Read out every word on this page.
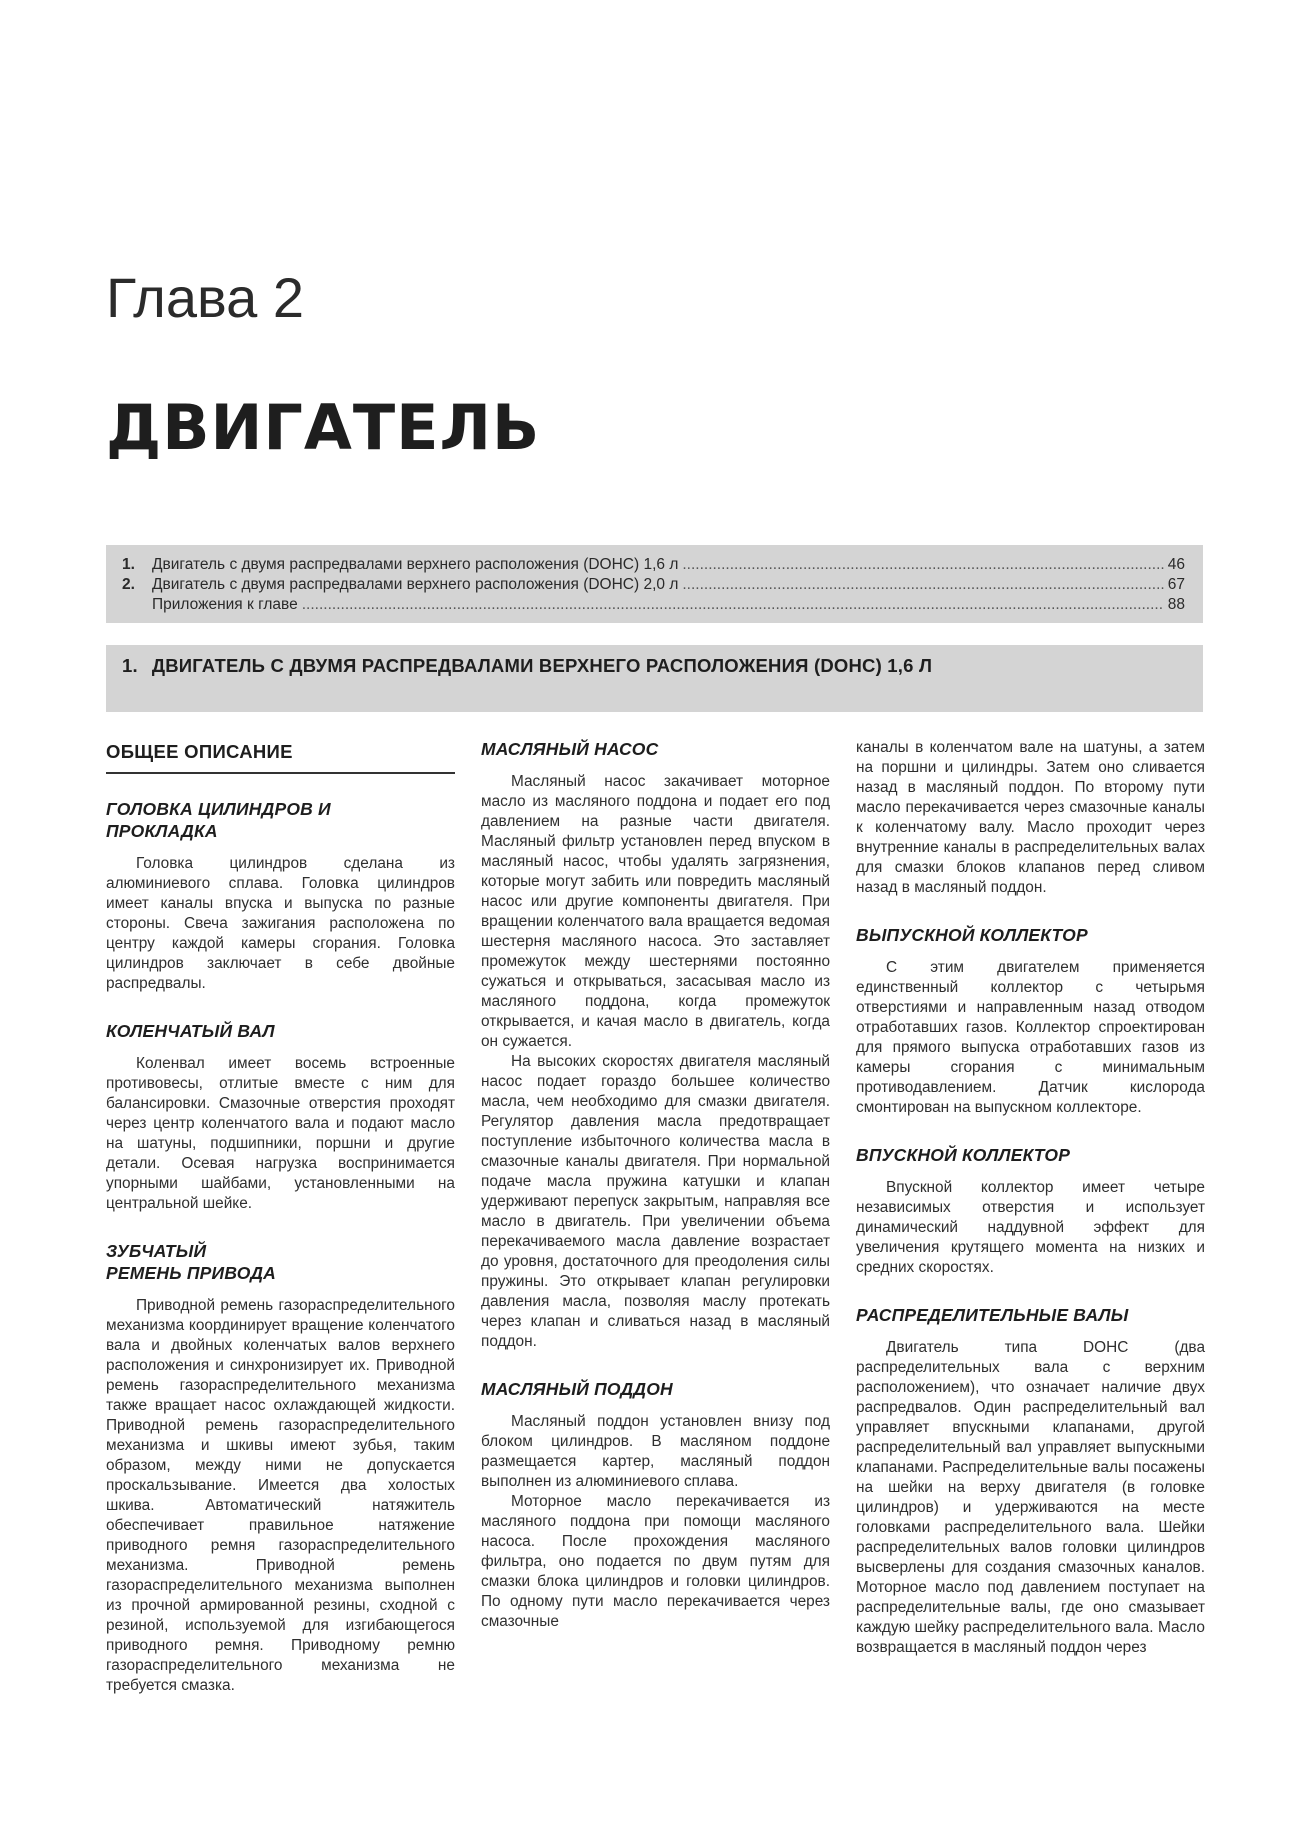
Глава 2
ДВИГАТЕЛЬ
1.	Двигатель с двумя распредвалами верхнего расположения (DOHC) 1,6 л .....	46
2.	Двигатель с двумя распредвалами верхнего расположения (DOHC) 2,0 л .....	67
Приложения к главе .....	88
1. ДВИГАТЕЛЬ С ДВУМЯ РАСПРЕДВАЛАМИ ВЕРХНЕГО РАСПОЛОЖЕНИЯ (DOHC) 1,6 Л
ОБЩЕЕ ОПИСАНИЕ
ГОЛОВКА ЦИЛИНДРОВ И
ПРОКЛАДКА

Головка цилиндров сделана из алюминиевого сплава. Головка цилиндров имеет каналы впуска и выпуска по разные стороны. Свеча зажигания расположена по центру каждой камеры сгорания. Головка цилиндров заключает в себе двойные распредвалы.

КОЛЕНЧАТЫЙ ВАЛ

Коленвал имеет восемь встроенные противовесы, отлитые вместе с ним для балансировки. Смазочные отверстия проходят через центр коленчатого вала и подают масло на шатуны, подшипники, поршни и другие детали. Осевая нагрузка воспринимается упорными шайбами, установленными на центральной шейке.

ЗУБЧАТЫЙ
РЕМЕНЬ ПРИВОДА

Приводной ремень газораспределительного механизма координирует вращение коленчатого вала и двойных коленчатых валов верхнего расположения и синхронизирует их. Приводной ремень газораспределительного механизма также вращает насос охлаждающей жидкости. Приводной ремень газораспределительного механизма и шкивы имеют зубья, таким образом, между ними не допускается проскальзывание. Имеется два холостых шкива. Автоматический натяжитель обеспечивает правильное натяжение приводного ремня газораспределительного механизма. Приводной ремень газораспределительного механизма выполнен из прочной армированной резины, сходной с резиной, используемой для изгибающегося приводного ремня. Приводному ремню газораспределительного механизма не требуется смазка.

МАСЛЯНЫЙ НАСОС

Масляный насос закачивает моторное масло из масляного поддона и подает его под давлением на разные части двигателя. Масляный фильтр установлен перед впуском в масляный насос, чтобы удалять загрязнения, которые могут забить или повредить масляный насос или другие компоненты двигателя. При вращении коленчатого вала вращается ведомая шестерня масляного насоса. Это заставляет промежуток между шестернями постоянно сужаться и открываться, засасывая масло из масляного поддона, когда промежуток открывается, и качая масло в двигатель, когда он сужается.

На высоких скоростях двигателя масляный насос подает гораздо большее количество масла, чем необходимо для смазки двигателя. Регулятор давления масла предотвращает поступление избыточного количества масла в смазочные каналы двигателя. При нормальной подаче масла пружина катушки и клапан удерживают перепуск закрытым, направляя все масло в двигатель. При увеличении объема перекачиваемого масла давление возрастает до уровня, достаточного для преодоления силы пружины. Это открывает клапан регулировки давления масла, позволяя маслу протекать через клапан и сливаться назад в масляный поддон.

МАСЛЯНЫЙ ПОДДОН

Масляный поддон установлен внизу под блоком цилиндров. В масляном поддоне размещается картер, масляный поддон выполнен из алюминиевого сплава.

Моторное масло перекачивается из масляного поддона при помощи масляного насоса. После прохождения масляного фильтра, оно подается по двум путям для смазки блока цилиндров и головки цилиндров. По одному пути масло перекачивается через смазочные

каналы в коленчатом вале на шатуны, а затем на поршни и цилиндры. Затем оно сливается назад в масляный поддон. По второму пути масло перекачивается через смазочные каналы к коленчатому валу. Масло проходит через внутренние каналы в распределительных валах для смазки блоков клапанов перед сливом назад в масляный поддон.

ВЫПУСКНОЙ КОЛЛЕКТОР

С этим двигателем применяется единственный коллектор с четырьмя отверстиями и направленным назад отводом отработавших газов. Коллектор спроектирован для прямого выпуска отработавших газов из камеры сгорания с минимальным противодавлением. Датчик кислорода смонтирован на выпускном коллекторе.

ВПУСКНОЙ КОЛЛЕКТОР

Впускной коллектор имеет четыре независимых отверстия и использует динамический наддувной эффект для увеличения крутящего момента на низких и средних скоростях.

РАСПРЕДЕЛИТЕЛЬНЫЕ ВАЛЫ

Двигатель типа DOHC (два распределительных вала с верхним расположением), что означает наличие двух распредвалов. Один распределительный вал управляет впускными клапанами, другой распределительный вал управляет выпускными клапанами. Распределительные валы посажены на шейки на верху двигателя (в головке цилиндров) и удерживаются на месте головками распределительного вала. Шейки распределительных валов головки цилиндров высверлены для создания смазочных каналов. Моторное масло под давлением поступает на распределительные валы, где оно смазывает каждую шейку распределительного вала. Масло возвращается в масляный поддон через
